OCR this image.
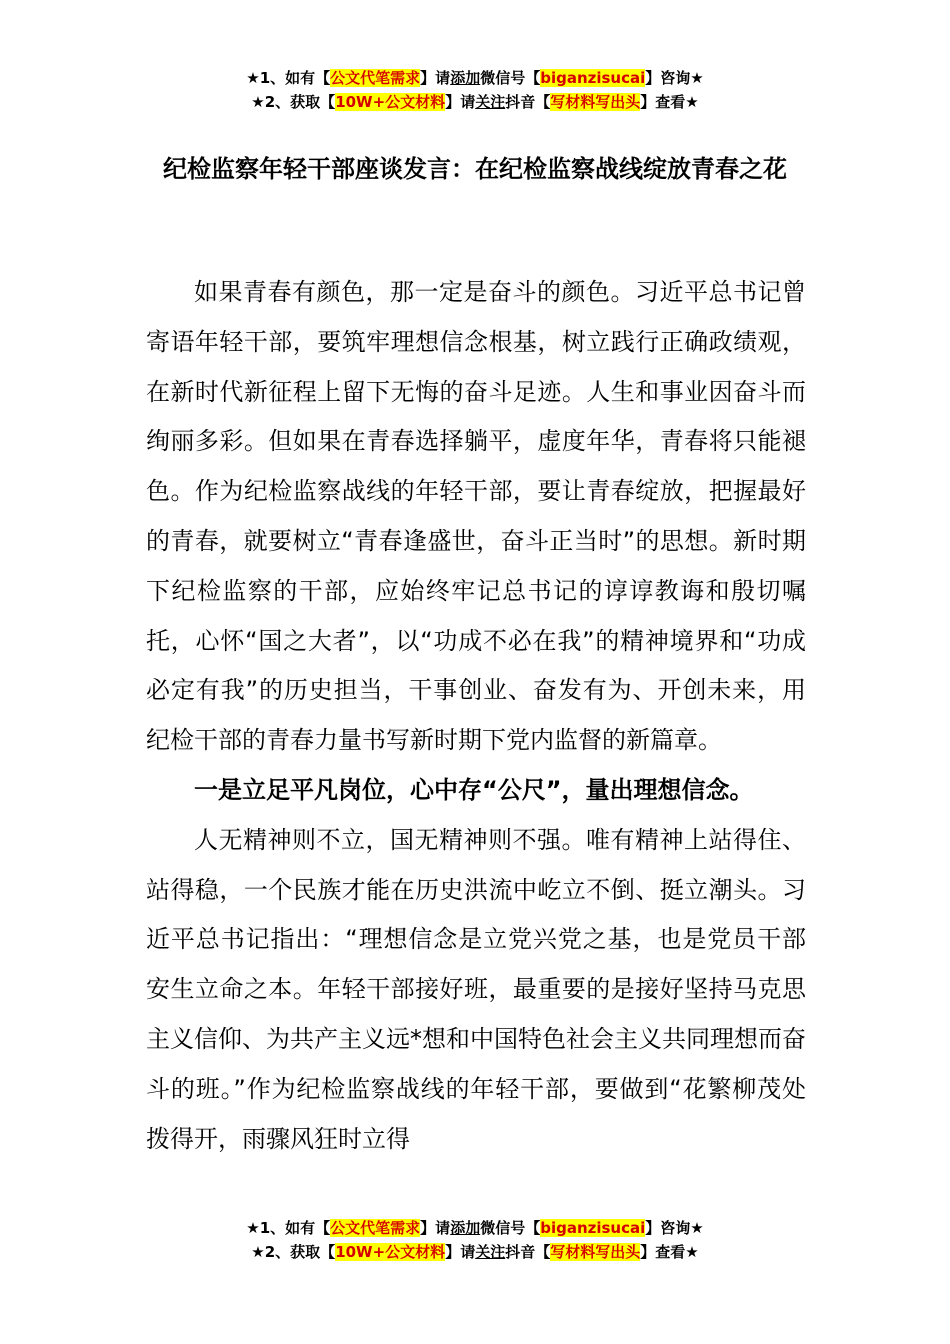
★1、如有【公文代笔需求】请添加微信号【biganzisucai】咨询★
★2、获取【10W+公文材料】请关注抖音【写材料写出头】查看★
纪检监察年轻干部座谈发言：在纪检监察战线绽放青春之花

如果青春有颜色，那一定是奋斗的颜色。习近平总书记曾寄语年轻干部，要筑牢理想信念根基，树立践行正确政绩观，在新时代新征程上留下无悔的奋斗足迹。人生和事业因奋斗而绚丽多彩。但如果在青春选择躺平，虚度年华，青春将只能褪色。作为纪检监察战线的年轻干部，要让青春绽放，把握最好的青春，就要树立“青春逢盛世，奋斗正当时”的思想。新时期下纪检监察的干部，应始终牢记总书记的谆谆教诲和殷切嘱托，心怀“国之大者”，以“功成不必在我”的精神境界和“功成必定有我”的历史担当，干事创业、奋发有为、开创未来，用纪检干部的青春力量书写新时期下党内监督的新篇章。

一是立足平凡岗位，心中存“公尺”，量出理想信念。

人无精神则不立，国无精神则不强。唯有精神上站得住、站得稳，一个民族才能在历史洪流中屹立不倒、挺立潮头。习近平总书记指出：“理想信念是立党兴党之基，也是党员干部安生立命之本。年轻干部接好班，最重要的是接好坚持马克思主义信仰、为共产主义远*想和中国特色社会主义共同理想而奋斗的班。”作为纪检监察战线的年轻干部，要做到“花繁柳茂处拨得开，雨骤风狂时立得

★1、如有【公文代笔需求】请添加微信号【biganzisucai】咨询★
★2、获取【10W+公文材料】请关注抖音【写材料写出头】查看★
